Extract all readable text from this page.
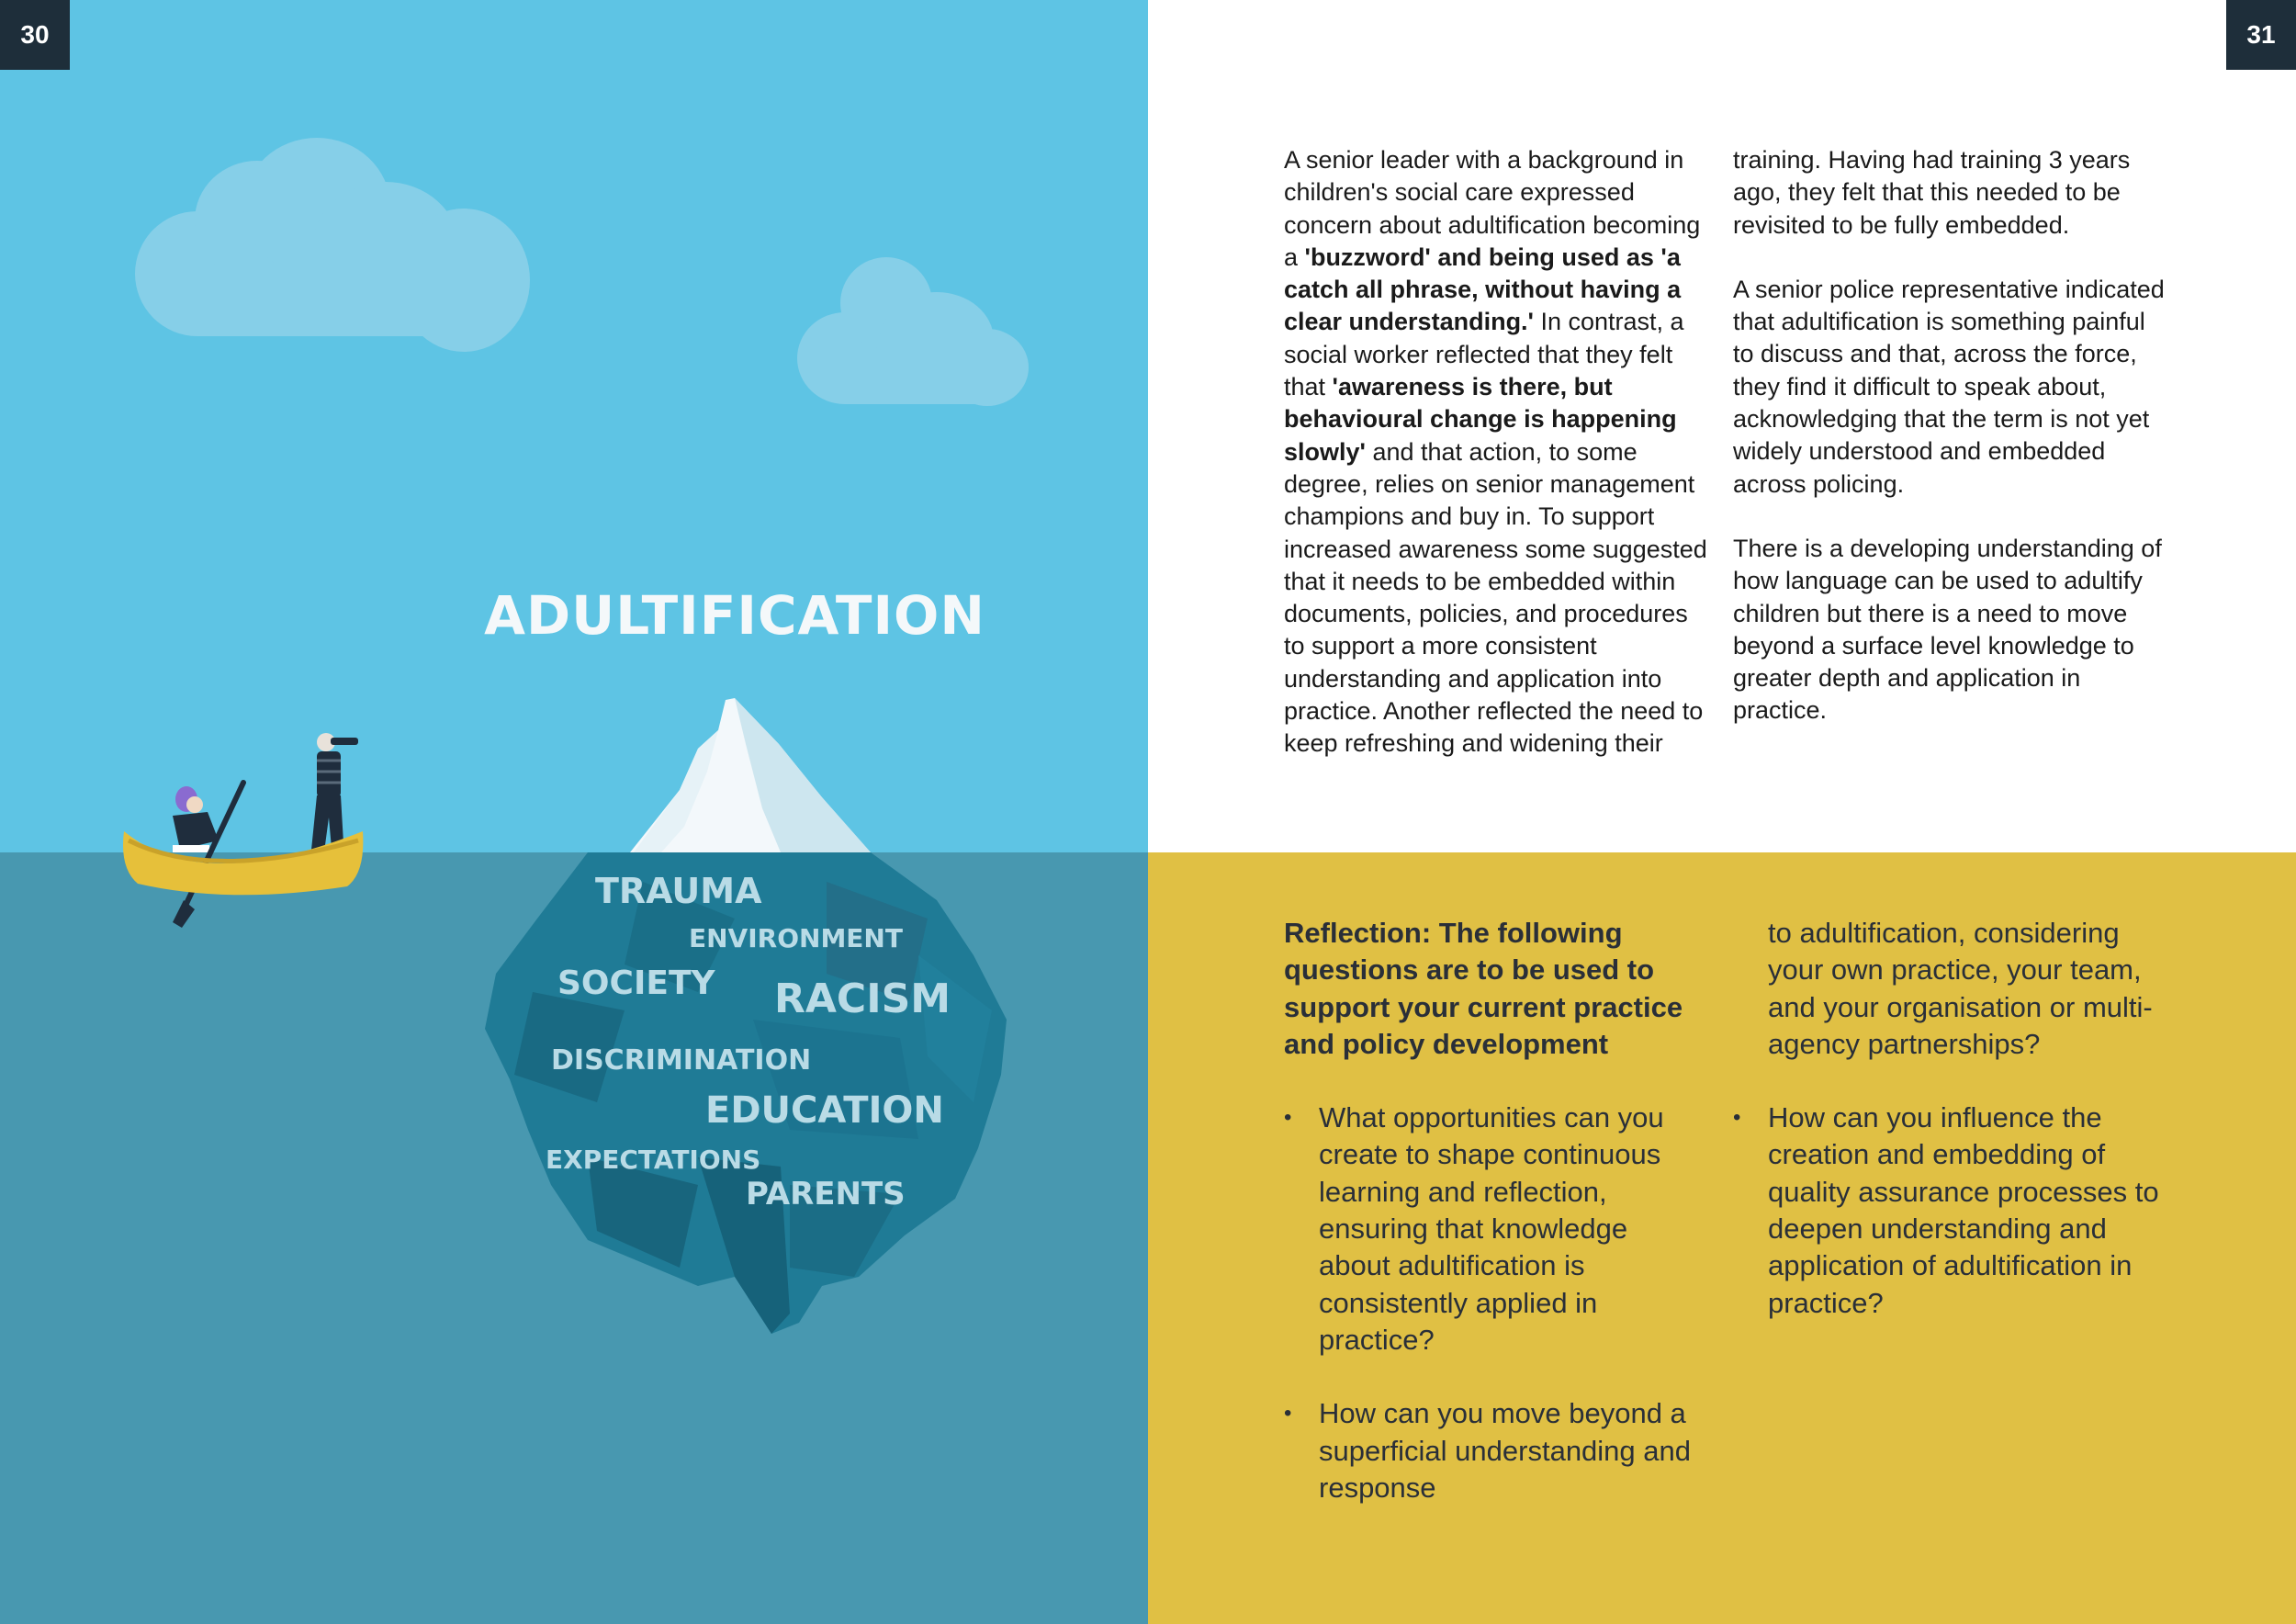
ADULTIFICATION
TRAUMA
ENVIRONMENT
SOCIETY RACISM
DISCRIMINATION
EDUCATION
EXPECTATIONS
PARENTS
30	31
A senior leader with a background in children's social care expressed concern about adultification becoming a 'buzzword' and being used as 'a catch all phrase, without having a clear understanding.' In contrast, a social worker reflected that they felt that 'awareness is there, but behavioural change is happening slowly' and that action, to some degree, relies on senior management champions and buy in. To support increased awareness some suggested that it needs to be embedded within documents, policies, and procedures to support a more consistent understanding and application into practice. Another reflected the need to keep refreshing and widening their

training. Having had training 3 years ago, they felt that this needed to be revisited to be fully embedded.

A senior police representative indicated that adultification is something painful to discuss and that, across the force, they find it difficult to speak about, acknowledging that the term is not yet widely understood and embedded across policing.

There is a developing understanding of how language can be used to adultify children but there is a need to move beyond a surface level knowledge to greater depth and application in practice.

Reflection: The following questions are to be used to support your current practice and policy development
• What opportunities can you create to shape continuous learning and reflection, ensuring that knowledge about adultification is consistently applied in practice?
• How can you move beyond a superficial understanding and response

to adultification, considering your own practice, your team, and your organisation or multi-agency partnerships?

• How can you influence the creation and embedding of quality assurance processes to deepen understanding and application of adultification in practice?
